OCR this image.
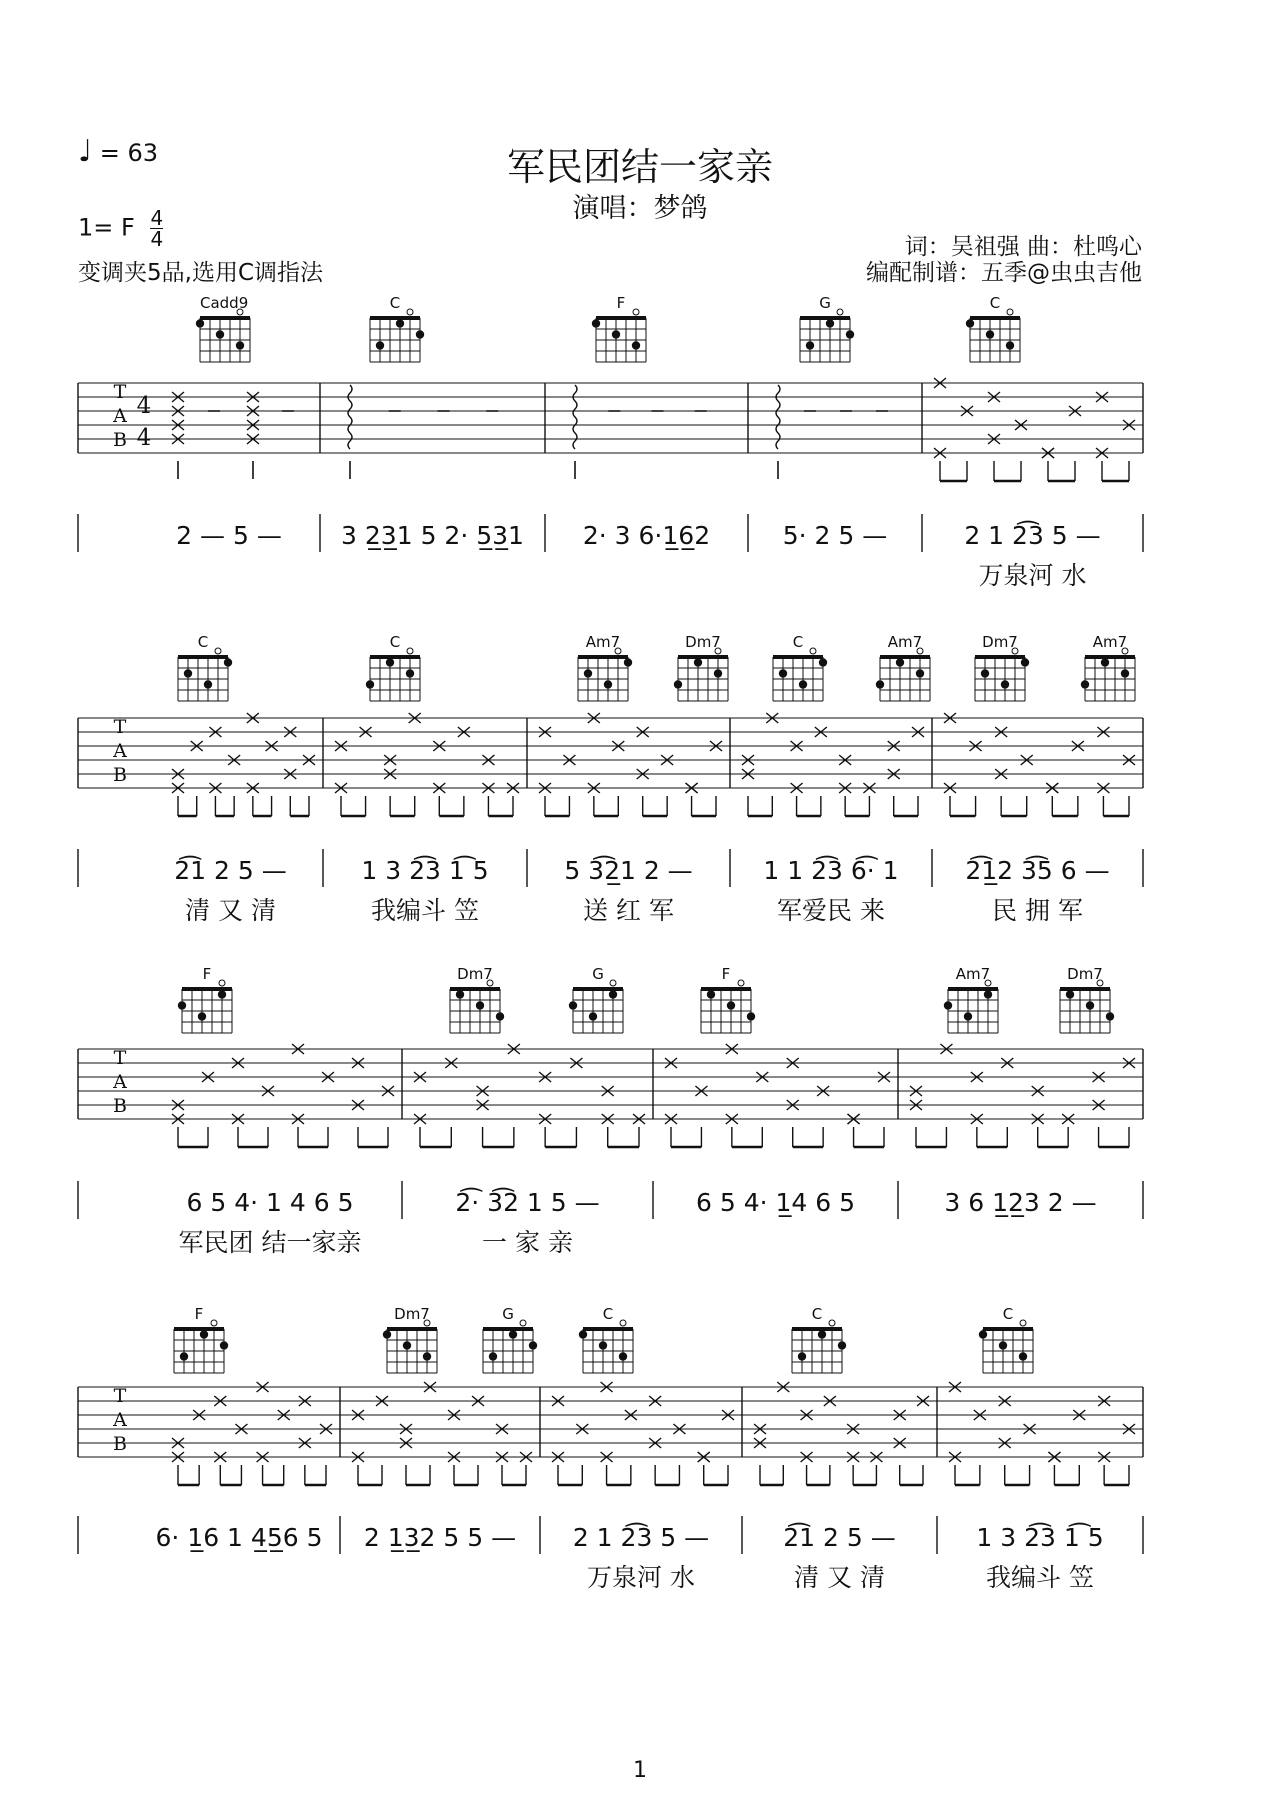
♩ = 63	军民团结一家亲
演唱：梦鸽
1= F $\frac{4}{4}$
变调夹5品,选用C调指法
词：吴祖强 曲：杜鸣心
编配制谱：五季@虫虫吉他
Cadd9	C	F	G	C
T
A
B
4
4
2 — 5 — 3 2̲3̲1 5 2· 5̲3̲1 2· 3 6·1̲6̲2	5· 2 5 —	2 1 2͡3 5 —
万泉河 水
C	C	Am7	Dm7	C	Am7	Dm7	Am7
T
A
B
2͡1 2 5 —
清 又 清
1 3 2͡3 1͡ 5
我编斗 笠
5 3͡2̲1 2 —
送 红 军
1 1 2͡3 6͡· 1
军爱民 来
2͡1̲2 3͡5 6 —
民 拥 军
F	Dm7	G	F	Am7	Dm7
T
A
B
6 5 4· 1 4 6 5
军民团 结一家亲
2͡· 3͡2 1 5 —
一 家 亲
6 5 4· 1̲4 6 5	3 6 1̲2̲3 2 —
F	Dm7	G	C	C	C
T
A
B
6· 1̲6 1 4̲5̲6 5 2 1̲3̲2 5 5 — 2 1 2͡3 5 —
万泉河 水
2͡1 2 5 —
清 又 清
1 3 2͡3 1͡ 5
我编斗 笠
1
